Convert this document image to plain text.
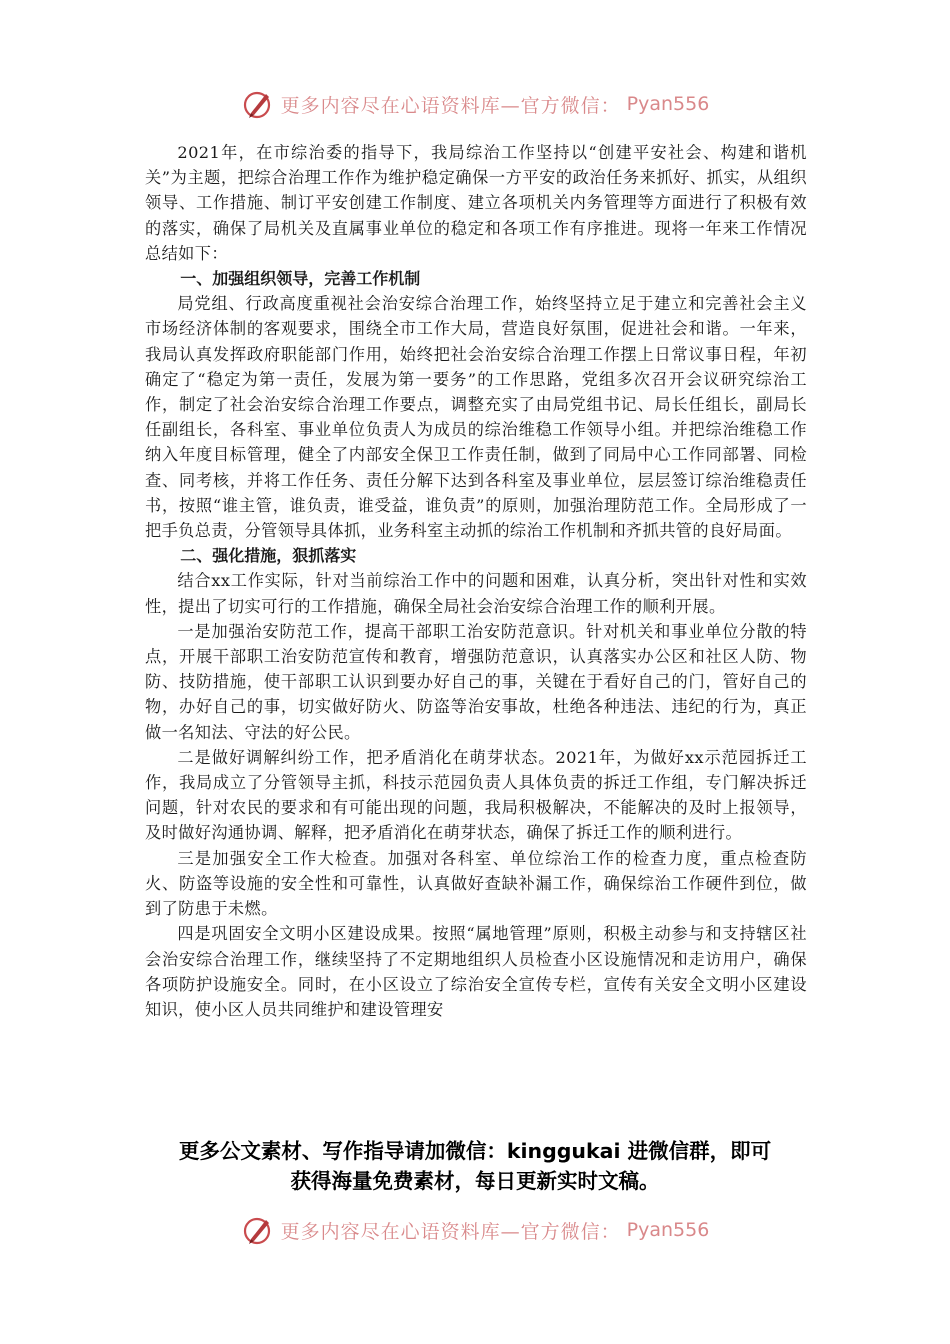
更多内容尽在心语资料库—官方微信： Pyan556

2021年，在市综治委的指导下，我局综治工作坚持以“创建平安社会、构建和谐机关”为主题，把综合治理工作作为维护稳定确保一方平安的政治任务来抓好、抓实，从组织领导、工作措施、制订平安创建工作制度、建立各项机关内务管理等方面进行了积极有效的落实，确保了局机关及直属事业单位的稳定和各项工作有序推进。现将一年来工作情况总结如下：

一、加强组织领导，完善工作机制

局党组、行政高度重视社会治安综合治理工作，始终坚持立足于建立和完善社会主义市场经济体制的客观要求，围绕全市工作大局，营造良好氛围，促进社会和谐。一年来，我局认真发挥政府职能部门作用，始终把社会治安综合治理工作摆上日常议事日程，年初确定了“稳定为第一责任，发展为第一要务”的工作思路，党组多次召开会议研究综治工作，制定了社会治安综合治理工作要点，调整充实了由局党组书记、局长任组长，副局长任副组长，各科室、事业单位负责人为成员的综治维稳工作领导小组。并把综治维稳工作纳入年度目标管理，健全了内部安全保卫工作责任制，做到了同局中心工作同部署、同检查、同考核，并将工作任务、责任分解下达到各科室及事业单位，层层签订综治维稳责任书，按照“谁主管，谁负责，谁受益，谁负责”的原则，加强治理防范工作。全局形成了一把手负总责，分管领导具体抓，业务科室主动抓的综治工作机制和齐抓共管的良好局面。

二、强化措施，狠抓落实

结合xx工作实际，针对当前综治工作中的问题和困难，认真分析，突出针对性和实效性，提出了切实可行的工作措施，确保全局社会治安综合治理工作的顺利开展。

一是加强治安防范工作，提高干部职工治安防范意识。针对机关和事业单位分散的特点，开展干部职工治安防范宣传和教育，增强防范意识，认真落实办公区和社区人防、物防、技防措施，使干部职工认识到要办好自己的事，关键在于看好自己的门，管好自己的物，办好自己的事，切实做好防火、防盗等治安事故，杜绝各种违法、违纪的行为，真正做一名知法、守法的好公民。

二是做好调解纠纷工作，把矛盾消化在萌芽状态。2021年，为做好xx示范园拆迁工作，我局成立了分管领导主抓，科技示范园负责人具体负责的拆迁工作组，专门解决拆迁问题，针对农民的要求和有可能出现的问题，我局积极解决，不能解决的及时上报领导，及时做好沟通协调、解释，把矛盾消化在萌芽状态，确保了拆迁工作的顺利进行。

三是加强安全工作大检查。加强对各科室、单位综治工作的检查力度，重点检查防火、防盗等设施的安全性和可靠性，认真做好查缺补漏工作，确保综治工作硬件到位，做到了防患于未燃。

四是巩固安全文明小区建设成果。按照“属地管理”原则，积极主动参与和支持辖区社会治安综合治理工作，继续坚持了不定期地组织人员检查小区设施情况和走访用户，确保各项防护设施安全。同时，在小区设立了综治安全宣传专栏，宣传有关安全文明小区建设知识，使小区人员共同维护和建设管理安

更多公文素材、写作指导请加微信：kinggukai 进微信群，即可
获得海量免费素材，每日更新实时文稿。
更多内容尽在心语资料库—官方微信： Pyan556
